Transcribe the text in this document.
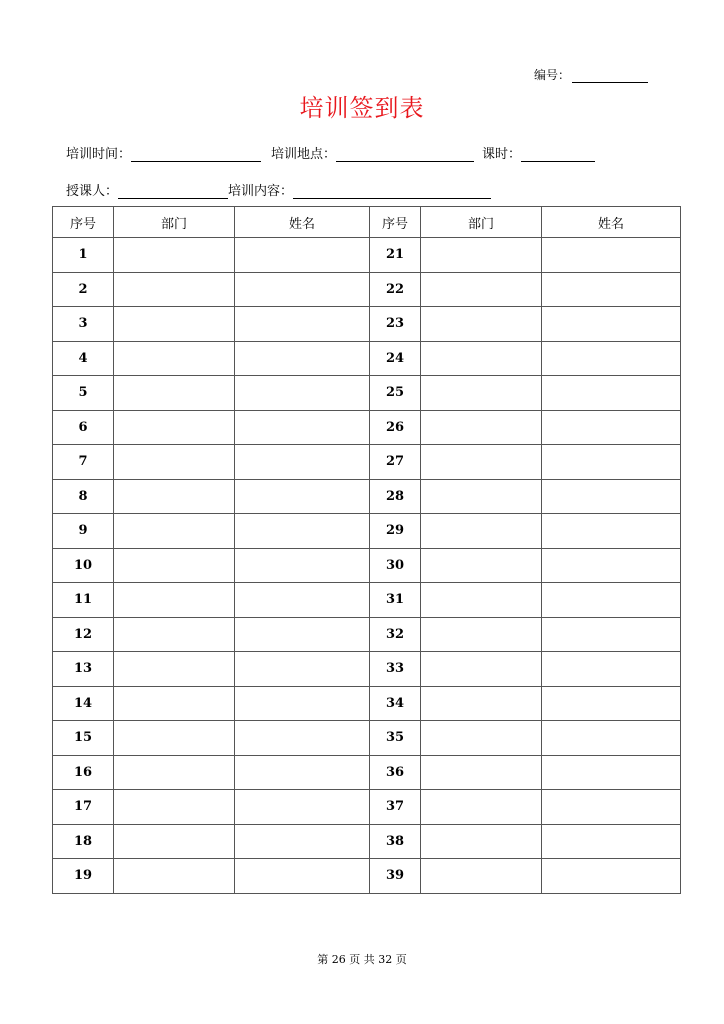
编号：
培训签到表
培训时间：	培训地点：	课时：
授课人：	培训内容：
序号	部门	姓名	序号	部门	姓名
1			21		
2			22		
3			23		
4			24		
5			25		
6			26		
7			27		
8			28		
9			29		
10			30		
11			31		
12			32		
13			33		
14			34		
15			35		
16			36		
17			37		
18			38		
19			39		
第 26 页 共 32 页
